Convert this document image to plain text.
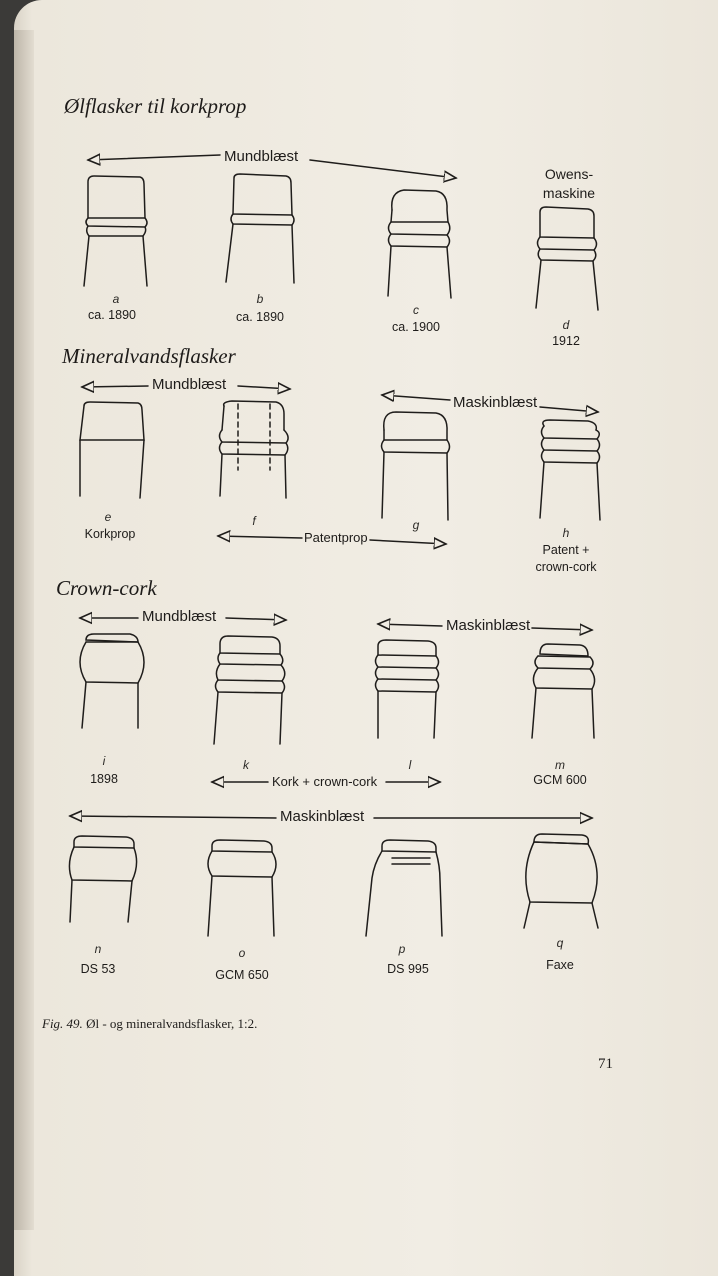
Ølflasker til korkprop
Mineralvandsflasker
Crown-cork
Mundblæst
Owens-
maskine
Mundblæst
Maskinblæst
Patentprop
Mundblæst
Maskinblæst
Kork + crown-cork
Maskinblæst
a
ca. 1890
b
ca. 1890	c
ca. 1900	d
1912
e
Korkprop
f	g
h
Patent +
crown-cork
i
1898
k	l	m
GCM 600
n
DS 53
o
GCM 650
p
DS 995
q
Faxe
Fig. 49. Øl - og mineralvandsflasker, 1:2.
71
